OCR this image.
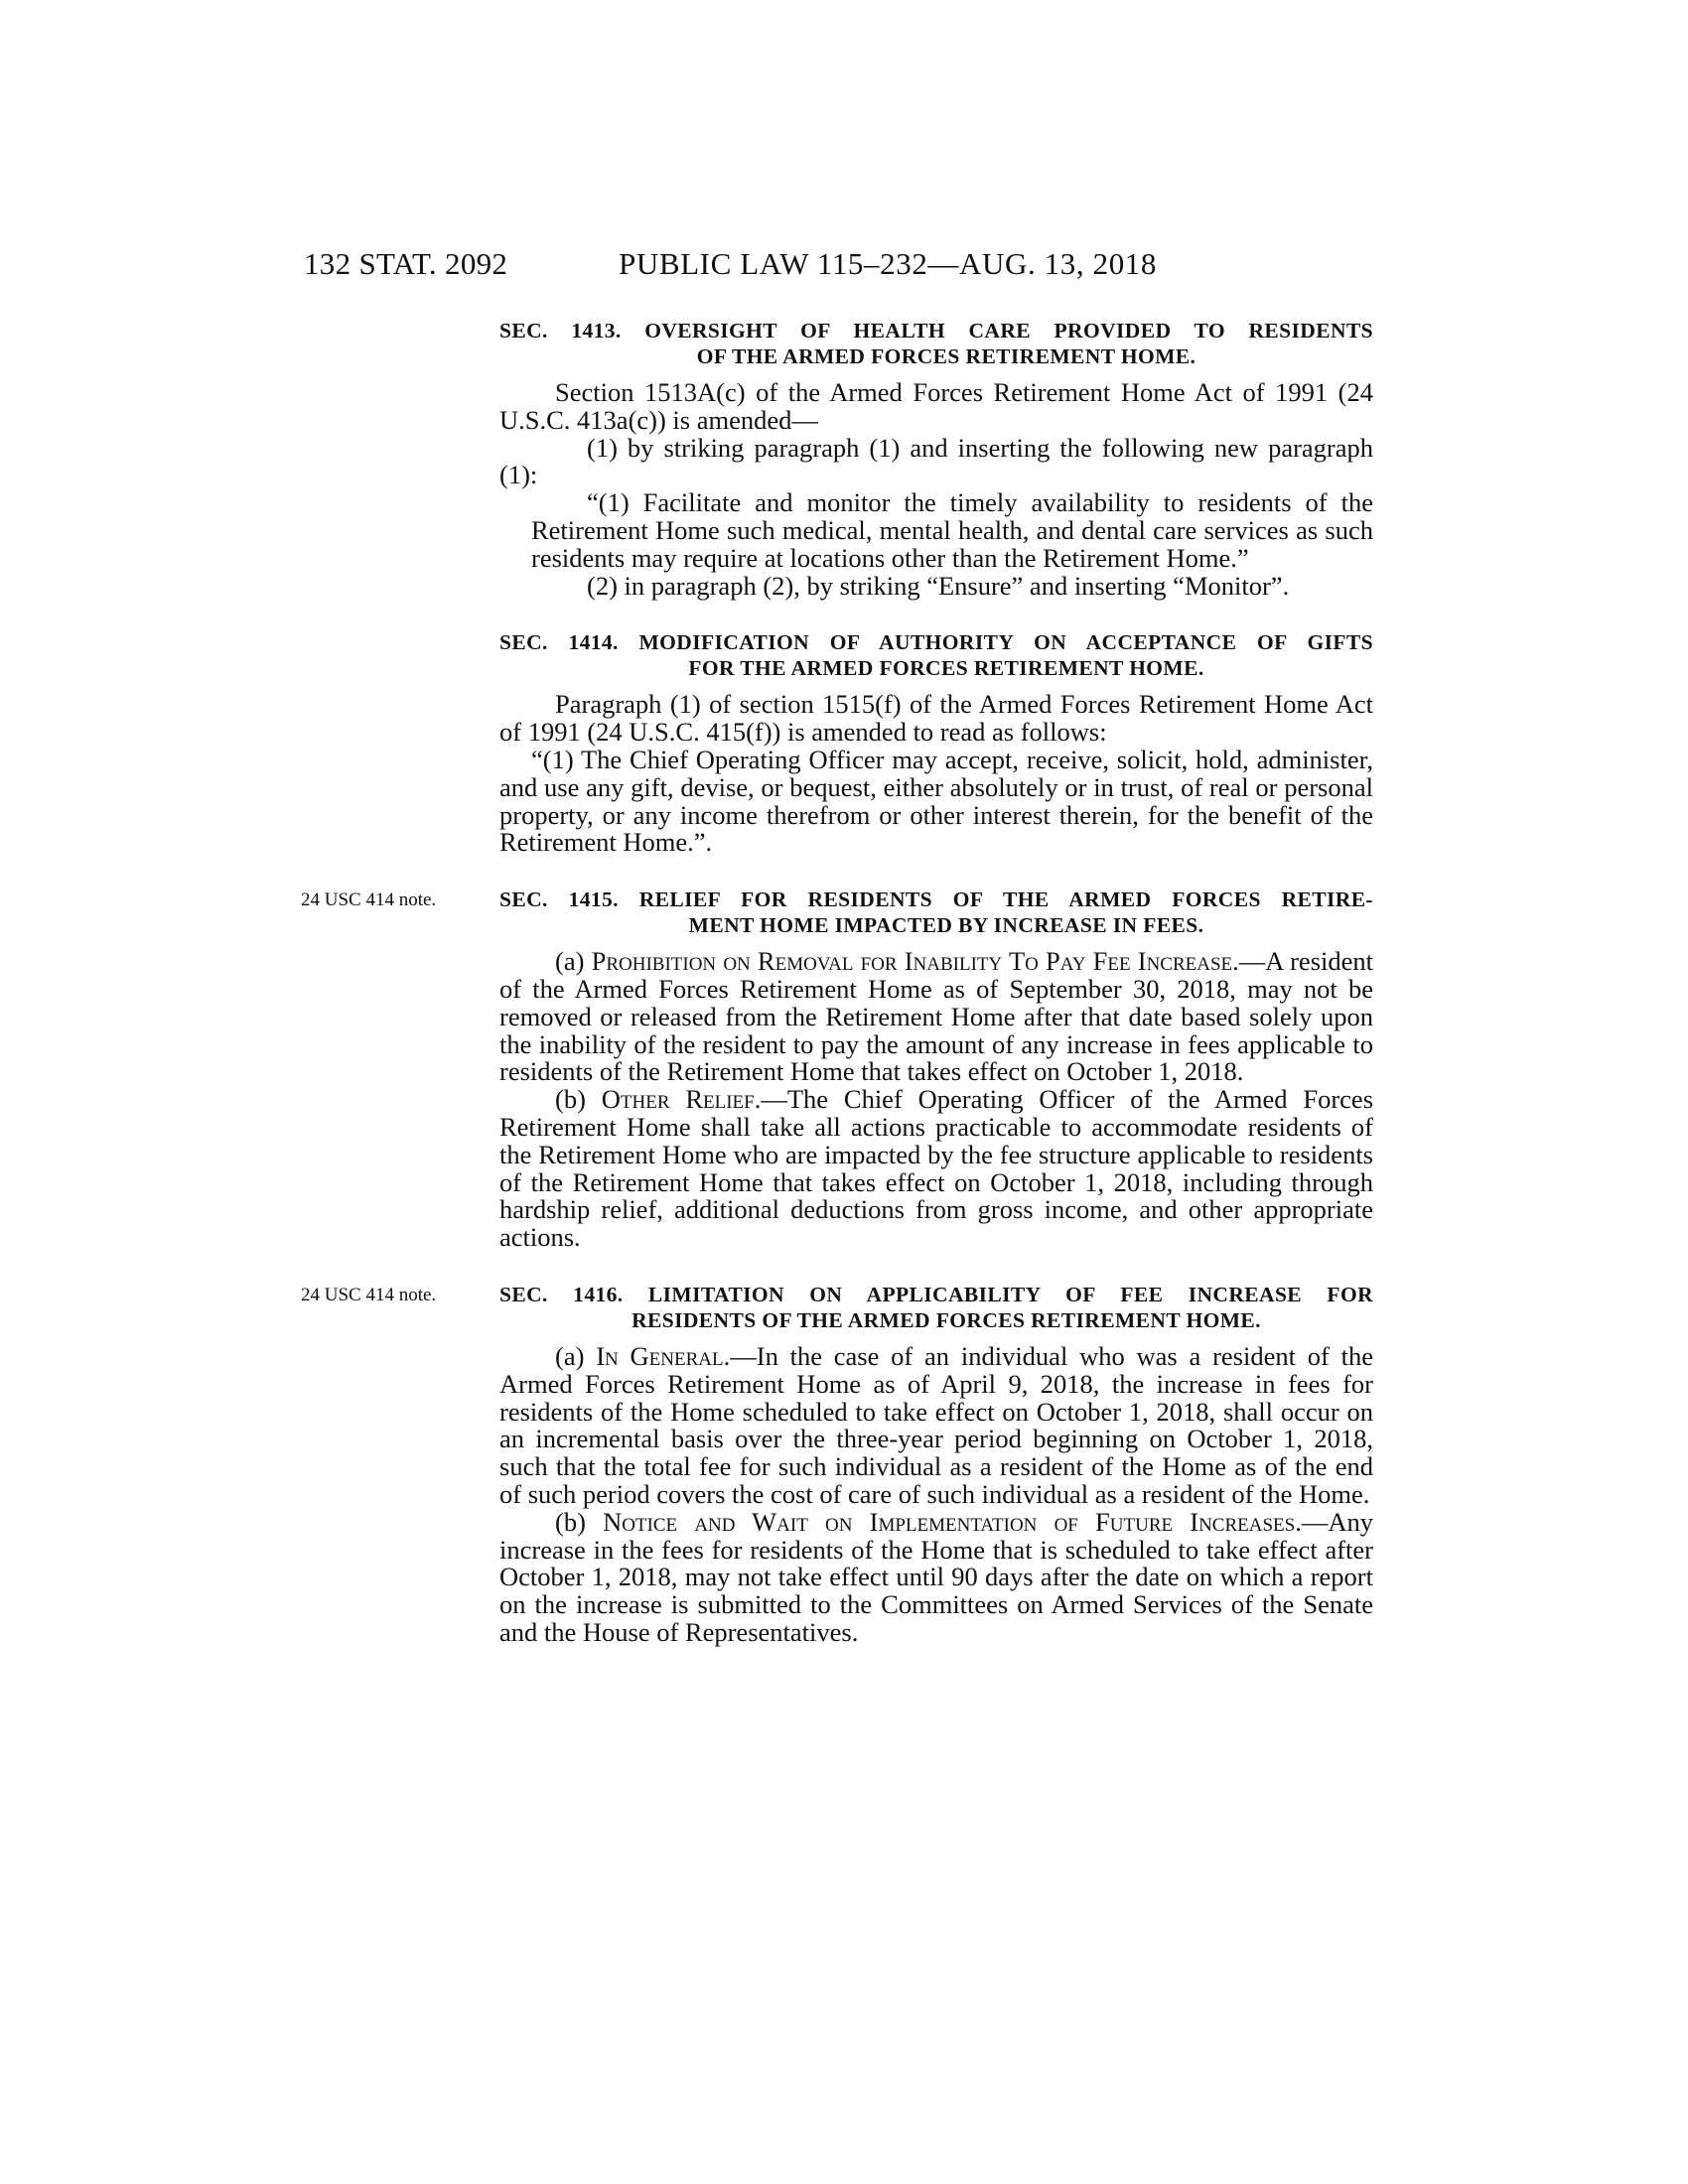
132 STAT. 2092	PUBLIC LAW 115–232—AUG. 13, 2018
SEC. 1413. OVERSIGHT OF HEALTH CARE PROVIDED TO RESIDENTS
OF THE ARMED FORCES RETIREMENT HOME.

Section 1513A(c) of the Armed Forces Retirement Home Act of 1991 (24 U.S.C. 413a(c)) is amended—

(1) by striking paragraph (1) and inserting the following new paragraph (1):

“(1) Facilitate and monitor the timely availability to residents of the Retirement Home such medical, mental health, and dental care services as such residents may require at locations other than the Retirement Home.”

(2) in paragraph (2), by striking “Ensure” and inserting “Monitor”.

SEC. 1414. MODIFICATION OF AUTHORITY ON ACCEPTANCE OF GIFTS
FOR THE ARMED FORCES RETIREMENT HOME.

Paragraph (1) of section 1515(f) of the Armed Forces Retirement Home Act of 1991 (24 U.S.C. 415(f)) is amended to read as follows:

“(1) The Chief Operating Officer may accept, receive, solicit, hold, administer, and use any gift, devise, or bequest, either absolutely or in trust, of real or personal property, or any income therefrom or other interest therein, for the benefit of the Retirement Home.”.

24 USC 414 note.	SEC. 1415. RELIEF FOR RESIDENTS OF THE ARMED FORCES RETIRE-
MENT HOME IMPACTED BY INCREASE IN FEES.

(a) Prohibition on Removal for Inability To Pay Fee Increase.—A resident of the Armed Forces Retirement Home as of September 30, 2018, may not be removed or released from the Retirement Home after that date based solely upon the inability of the resident to pay the amount of any increase in fees applicable to residents of the Retirement Home that takes effect on October 1, 2018.

(b) Other Relief.—The Chief Operating Officer of the Armed Forces Retirement Home shall take all actions practicable to accommodate residents of the Retirement Home who are impacted by the fee structure applicable to residents of the Retirement Home that takes effect on October 1, 2018, including through hardship relief, additional deductions from gross income, and other appropriate actions.

24 USC 414 note.	SEC. 1416. LIMITATION ON APPLICABILITY OF FEE INCREASE FOR
RESIDENTS OF THE ARMED FORCES RETIREMENT HOME.

(a) In General.—In the case of an individual who was a resident of the Armed Forces Retirement Home as of April 9, 2018, the increase in fees for residents of the Home scheduled to take effect on October 1, 2018, shall occur on an incremental basis over the three-year period beginning on October 1, 2018, such that the total fee for such individual as a resident of the Home as of the end of such period covers the cost of care of such individual as a resident of the Home.

(b) Notice and Wait on Implementation of Future Increases.—Any increase in the fees for residents of the Home that is scheduled to take effect after October 1, 2018, may not take effect until 90 days after the date on which a report on the increase is submitted to the Committees on Armed Services of the Senate and the House of Representatives.
